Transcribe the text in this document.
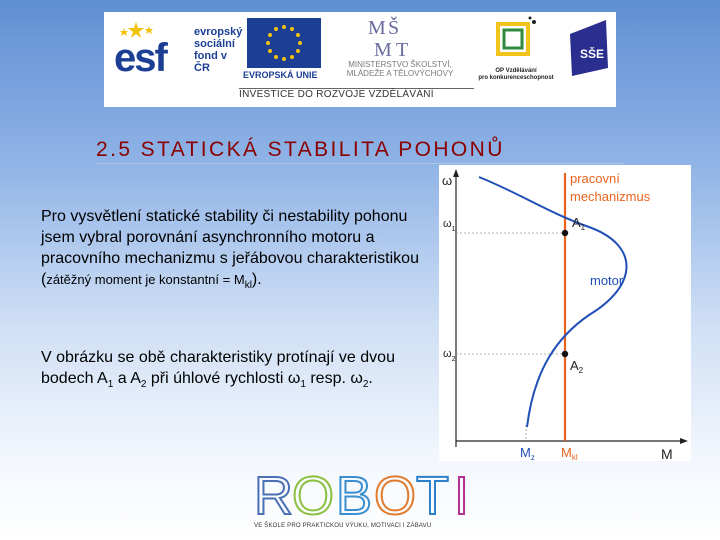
esf
evropský
sociální
fond v ČR
EVROPSKÁ UNIE
M Š
M T
MINISTERSTVO ŠKOLSTVÍ,
MLÁDEŽE A TĚLOVÝCHOVY	OP Vzdělávání
pro konkurenceschopnost
SŠE
INVESTICE DO ROZVOJE VZDĚLÁVÁNÍ
2.5 STATICKÁ STABILITA POHONŮ
Pro vysvětlení statické stability či nestability pohonu jsem vybral porovnání asynchronního motoru a pracovního mechanizmu s jeřábovou charakteristikou (zátěžný moment je konstantní = $M_{kl}$).
V obrázku se obě charakteristiky protínají ve dvou bodech $A_1$ a $A_2$ při úhlové rychlosti $\omega_1$ resp. $\omega_2$.
ω
M
$\omega_1$
$\omega_2$
$M_z$ $M_{kl}$
$A_1$
$A_2$
pracovní
mechanizmus
motor
R O B O T I
VE ŠKOLE PRO PRAKTICKOU VÝUKU, MOTIVACI I ZÁBAVU
